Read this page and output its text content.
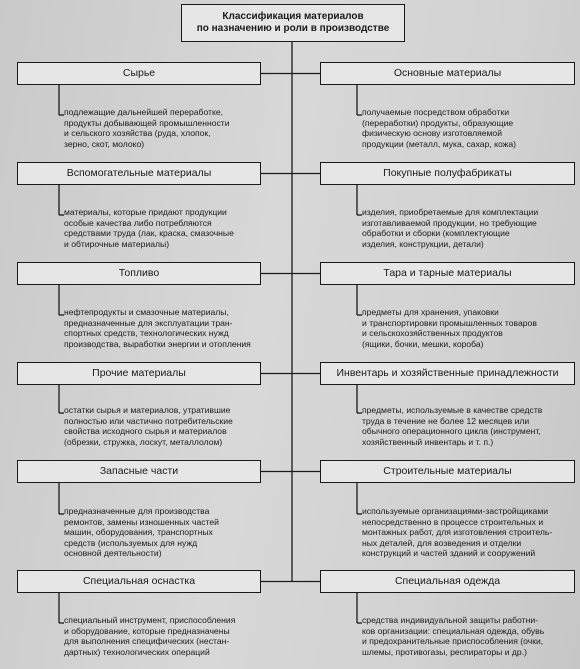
Классификация материалов
по назначению и роли в производстве
Сырье
подлежащие дальнейшей переработке,
продукты добывающей промышленности
и сельского хозяйства (руда, хлопок,
зерно, скот, молоко)
Вспомогательные материалы
материалы, которые придают продукции
особые качества либо потребляются
средствами труда (лак, краска, смазочные
и обтирочные материалы)
Топливо
нефтепродукты и смазочные материалы,
предназначенные для эксплуатации тран-
спортных средств, технологических нужд
производства, выработки энергии и отопления
Прочие материалы
остатки сырья и материалов, утратившие
полностью или частично потребительские
свойства исходного сырья и материалов
(обрезки, стружка, лоскут, металлолом)
Запасные части
предназначенные для производства
ремонтов, замены изношенных частей
машин, оборудования, транспортных
средств (используемых для нужд
основной деятельности)
Специальная оснастка
специальный инструмент, приспособления
и оборудование, которые предназначены
для выполнения специфических (нестан-
дартных) технологических операций
Основные материалы
получаемые посредством обработки
(переработки) продукты, образующие
физическую основу изготовляемой
продукции (металл, мука, сахар, кожа)
Покупные полуфабрикаты
изделия, приобретаемые для комплектации
изготавливаемой продукции, но требующие
обработки и сборки (комплектующие
изделия, конструкции, детали)
Тара и тарные материалы
предметы для хранения, упаковки
и транспортировки промышленных товаров
и сельскохозяйственных продуктов
(ящики, бочки, мешки, короба)
Инвентарь и хозяйственные принадлежности
предметы, используемые в качестве средств
труда в течение не более 12 месяцев или
обычного операционного цикла (инструмент,
хозяйственный инвентарь и т. п.)
Строительные материалы
используемые организациями-застройщиками
непосредственно в процессе строительных и
монтажных работ, для изготовления строитель-
ных деталей, для возведения и отделки
конструкций и частей зданий и сооружений
Специальная одежда
средства индивидуальной защиты работни-
ков организации: специальная одежда, обувь
и предохранительные приспособления (очки,
шлемы, противогазы, респираторы и др.)
